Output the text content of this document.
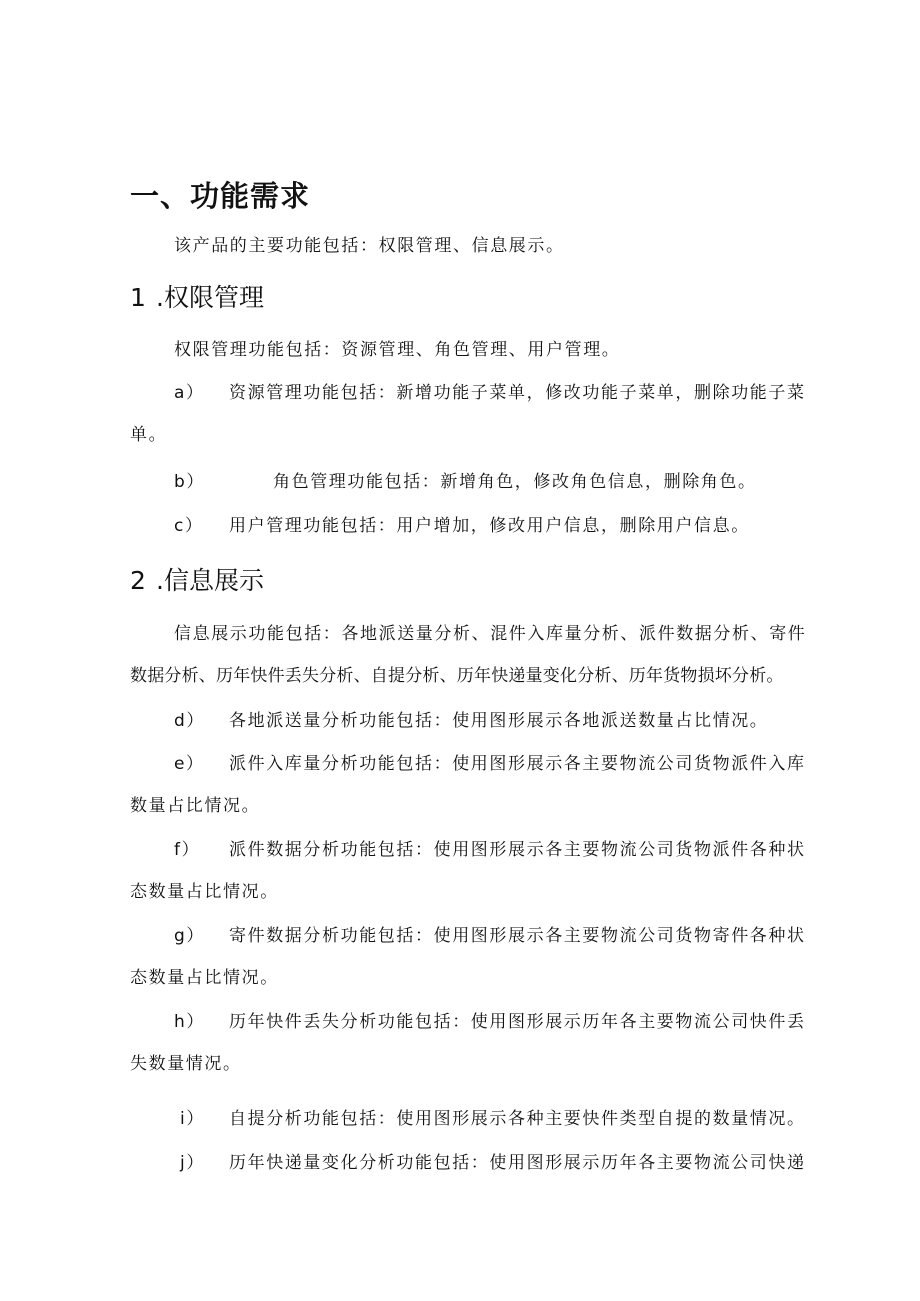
一、功能需求
该产品的主要功能包括：权限管理、信息展示。
1 .权限管理
权限管理功能包括：资源管理、角色管理、用户管理。
a） 资源管理功能包括：新增功能子菜单，修改功能子菜单，删除功能子菜
单。
b）	角色管理功能包括：新增角色，修改角色信息，删除角色。
c） 用户管理功能包括：用户增加，修改用户信息，删除用户信息。
2 .信息展示
信息展示功能包括：各地派送量分析、混件入库量分析、派件数据分析、寄件
数据分析、历年快件丢失分析、自提分析、历年快递量变化分析、历年货物损坏分析。
d） 各地派送量分析功能包括：使用图形展示各地派送数量占比情况。
e） 派件入库量分析功能包括：使用图形展示各主要物流公司货物派件入库
数量占比情况。
f） 派件数据分析功能包括：使用图形展示各主要物流公司货物派件各种状
态数量占比情况。
g） 寄件数据分析功能包括：使用图形展示各主要物流公司货物寄件各种状
态数量占比情况。
h） 历年快件丢失分析功能包括：使用图形展示历年各主要物流公司快件丢
失数量情况。
i） 自提分析功能包括：使用图形展示各种主要快件类型自提的数量情况。
j） 历年快递量变化分析功能包括：使用图形展示历年各主要物流公司快递
